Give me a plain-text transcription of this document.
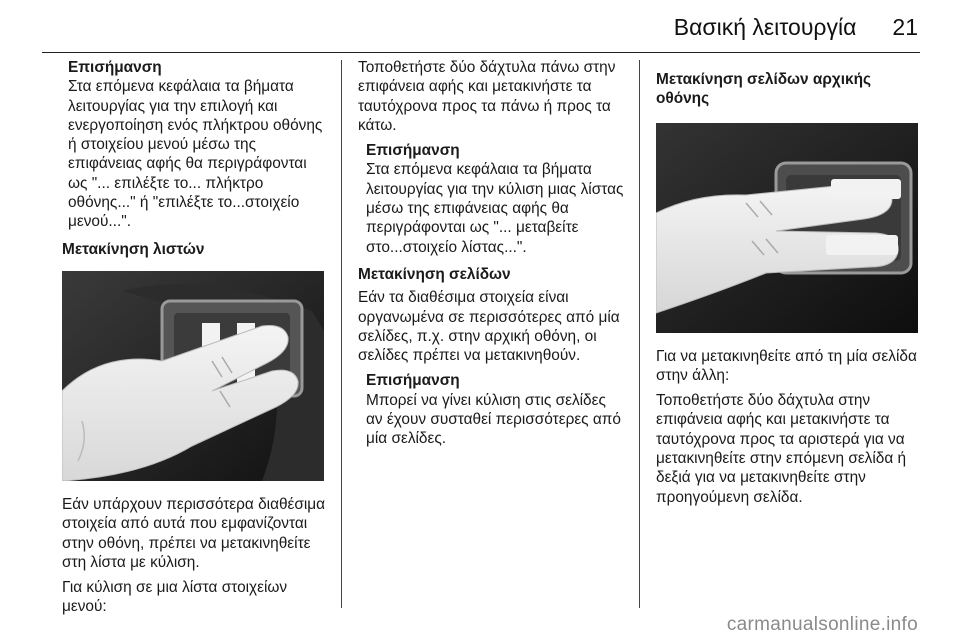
Βασική λειτουργία 21
Επισήμανση
Στα επόμενα κεφάλαια τα βήματα λειτουργίας για την επιλογή και ενεργοποίηση ενός πλήκτρου οθόνης ή στοιχείου μενού μέσω της επιφάνειας αφής θα περιγράφονται ως "... επιλέξτε το... πλήκτρο οθόνης..." ή "επιλέξτε το...στοιχείο μενού...".
Μετακίνηση λιστών

Εάν υπάρχουν περισσότερα διαθέσιμα στοιχεία από αυτά που εμφανίζονται στην οθόνη, πρέπει να μετακινηθείτε στη λίστα με κύλιση.

Για κύλιση σε μια λίστα στοιχείων μενού:

Τοποθετήστε δύο δάχτυλα πάνω στην επιφάνεια αφής και μετακινήστε τα ταυτόχρονα προς τα πάνω ή προς τα κάτω.

Επισήμανση
Στα επόμενα κεφάλαια τα βήματα λειτουργίας για την κύλιση μιας λίστας μέσω της επιφάνειας αφής θα περιγράφονται ως "... μεταβείτε στο...στοιχείο λίστας...".
Μετακίνηση σελίδων

Εάν τα διαθέσιμα στοιχεία είναι οργανωμένα σε περισσότερες από μία σελίδες, π.χ. στην αρχική οθόνη, οι σελίδες πρέπει να μετακινηθούν.

Επισήμανση
Μπορεί να γίνει κύλιση στις σελίδες αν έχουν συσταθεί περισσότερες από μία σελίδες.
Μετακίνηση σελίδων αρχικής οθόνης

Για να μετακινηθείτε από τη μία σελίδα στην άλλη:

Τοποθετήστε δύο δάχτυλα στην επιφάνεια αφής και μετακινήστε τα ταυτόχρονα προς τα αριστερά για να μετακινηθείτε στην επόμενη σελίδα ή δεξιά για να μετακινηθείτε στην προηγούμενη σελίδα.

carmanualsonline.info
